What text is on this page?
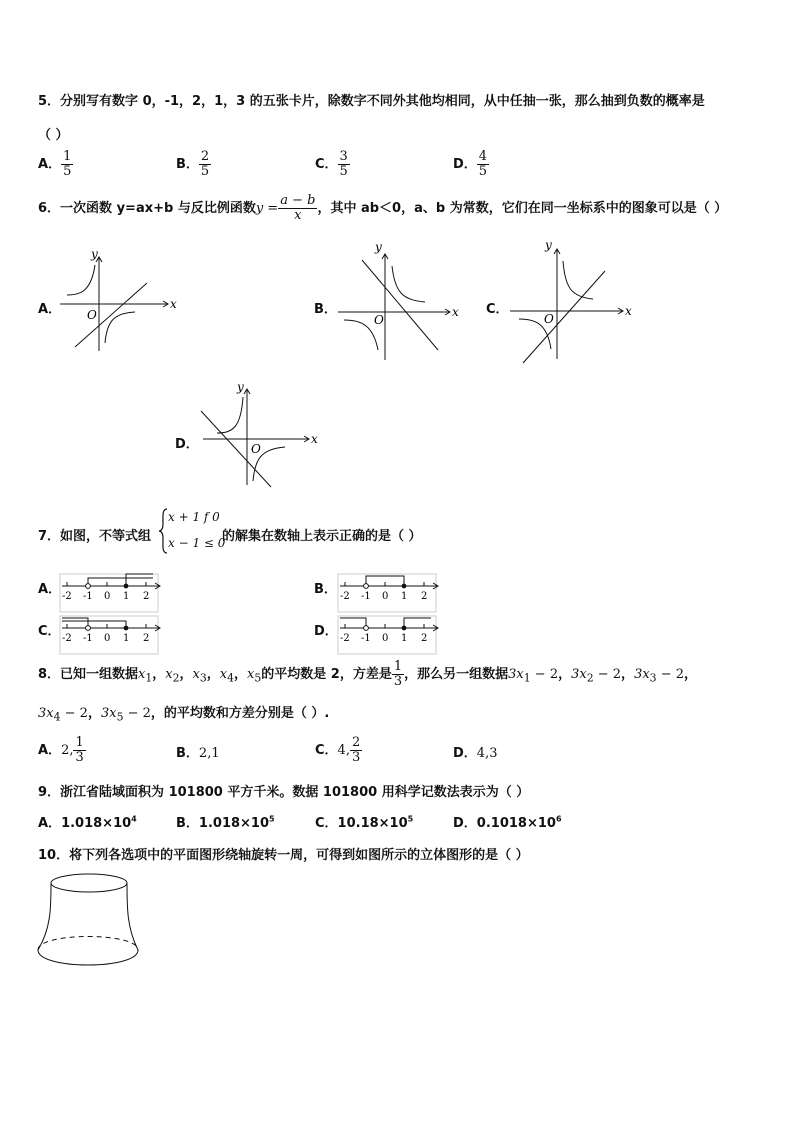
5．分别写有数字 0，-1，2，1，3 的五张卡片，除数字不同外其他均相同，从中任抽一张，那么抽到负数的概率是
（ ）
A． $\frac{1}{5}$	B． $\frac{2}{5}$	C． $\frac{3}{5}$	D． $\frac{4}{5}$
6．一次函数 y=ax+b 与反比例函数$y = \frac{a - b}{x}$ ，其中 ab＜0，a、b 为常数，它们在同一坐标系中的图象可以是（ ）
A．	B．	C．
D．
x
y
O	x
y
O
x
y
O
x
y
O
7．如图，不等式组
x + 1 f 0
x − 1 ≤ 0
的解集在数轴上表示正确的是（ ）
A．	B．
C．	D．
-2 -1 0 1 2	-2 -1 0 1 2
-2 -1 0 1 2	-2 -1 0 1 2
8．已知一组数据$x_1$，$x_2$，$x_3$，$x_4$，$x_5$的平均数是 2，方差是 $\frac{1}{3}$ ，那么另一组数据$3x_1 - 2$，$3x_2 - 2$，$3x_3 - 2$，
$3x_4 - 2$，$3x_5 - 2$，的平均数和方差分别是（ ）.
A．2, $\frac{1}{3}$	B．2,1	C．4, $\frac{2}{3}$	D．4,3
9．浙江省陆域面积为 101800 平方千米。数据 101800 用科学记数法表示为（ ）
A．$1.018\times 10^4$	B．$1.018\times 10^5$	C．$10.18\times 10^5$	D．$0.1018\times 10^6$
10．将下列各选项中的平面图形绕轴旋转一周，可得到如图所示的立体图形的是（ ）
